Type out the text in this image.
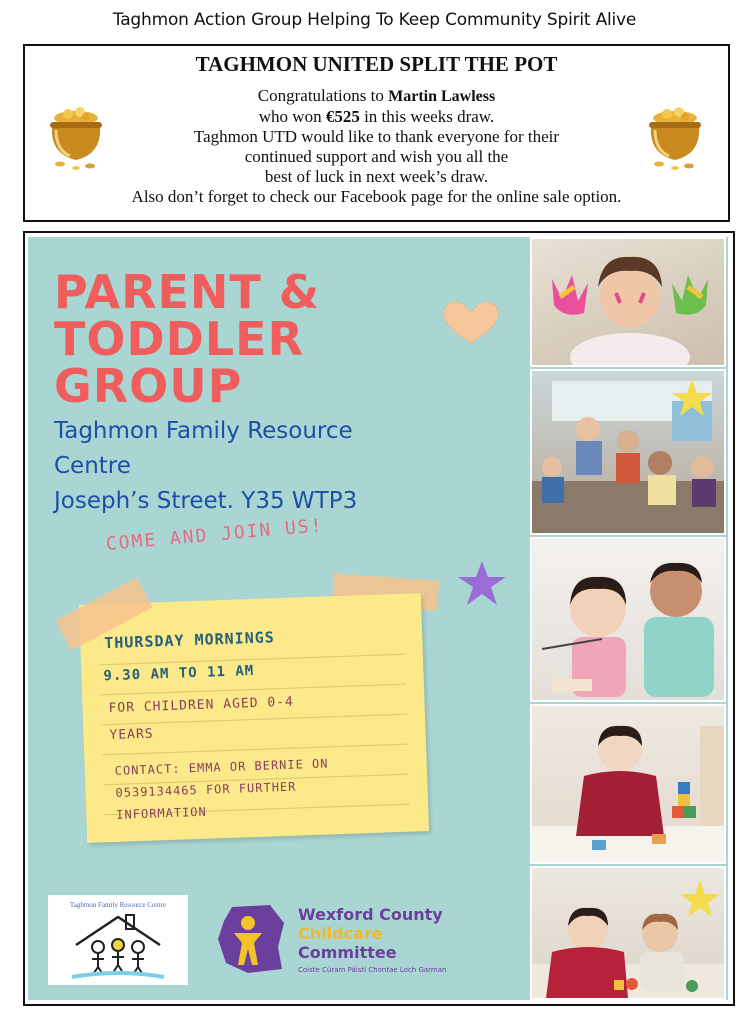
Taghmon Action Group Helping To Keep Community Spirit Alive
TAGHMON UNITED SPLIT THE POT
Congratulations to Martin Lawless
who won €525 in this weeks draw.
Taghmon UTD would like to thank everyone for their
continued support and wish you all the
best of luck in next week’s draw.
Also don’t forget to check our Facebook page for the online sale option.
PARENT &
TODDLER
GROUP
Taghmon Family Resource
Centre
Joseph’s Street. Y35 WTP3
COME AND JOIN US!
THURSDAY MORNINGS
9.30 AM TO 11 AM
FOR CHILDREN AGED 0-4
YEARS
CONTACT: EMMA OR BERNIE ON
0539134465 FOR FURTHER
INFORMATION
Taghmon Family Resource Centre	Wexford County
Childcare
Committee
Coiste Cúram Páistí Chontae Loch Garman
